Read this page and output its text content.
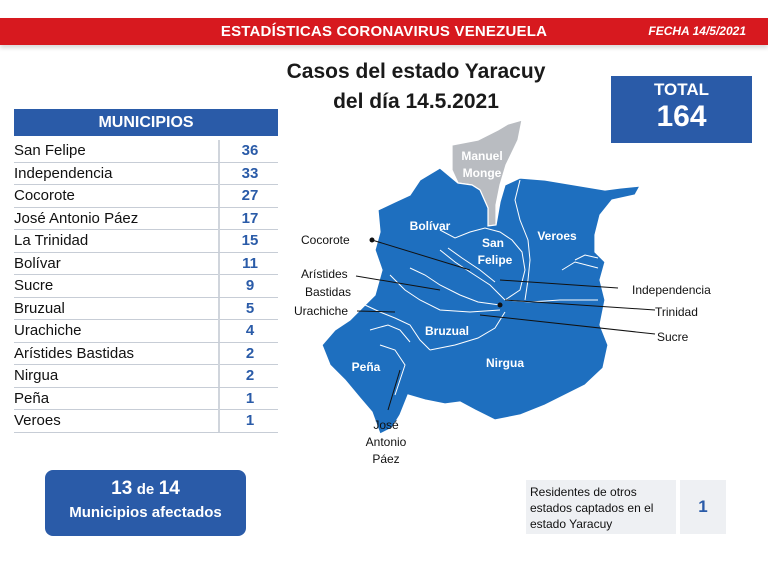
ESTADÍSTICAS CORONAVIRUS VENEZUELA	FECHA 14/5/2021
Casos del estado Yaracuy
del día 14.5.2021
TOTAL
164
MUNICIPIOS
San Felipe	36
Independencia	33
Cocorote	27
José Antonio Páez	17
La Trinidad	15
Bolívar	11
Sucre	9
Bruzual	5
Urachiche	4
Arístides Bastidas	2
Nirgua	2
Peña	1
Veroes	1
13 de 14
Municipios afectados
Residentes de otros
estados captados en el
estado Yaracuy
1
Manuel
Monge
Bolívar
San
Felipe
Veroes
Bruzual
Nirgua
Peña
Cocorote
Arístides
Bastidas
Urachiche
José
Antonio
Páez
Independencia
Trinidad
Sucre
